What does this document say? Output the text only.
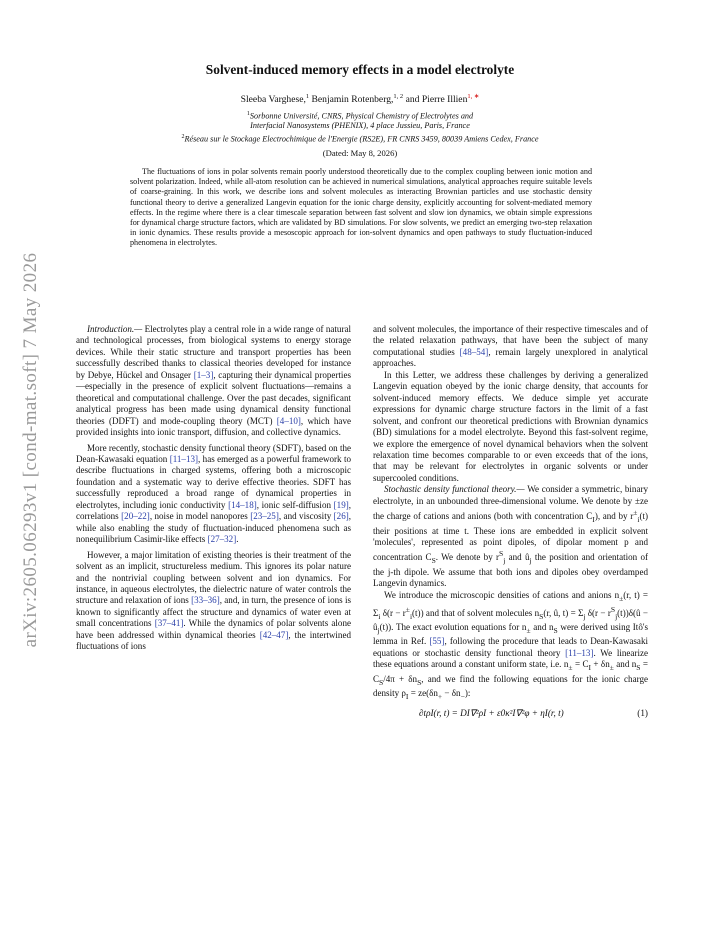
arXiv:2605.06293v1 [cond-mat.soft] 7 May 2026
Solvent-induced memory effects in a model electrolyte
Sleeba Varghese,$^1$ Benjamin Rotenberg,$^{1, 2}$ and Pierre Illien$^{1, ∗}$
$^1$Sorbonne Université, CNRS, Physical Chemistry of Electrolytes and
Interfacial Nanosystems (PHENIX), 4 place Jussieu, Paris, France
$^2$Réseau sur le Stockage Electrochimique de l'Energie (RS2E), FR CNRS 3459, 80039 Amiens Cedex, France
(Dated: May 8, 2026)
The fluctuations of ions in polar solvents remain poorly understood theoretically due to the complex coupling between ionic motion and solvent polarization. Indeed, while all-atom resolution can be achieved in numerical simulations, analytical approaches require suitable levels of coarse-graining. In this work, we describe ions and solvent molecules as interacting Brownian particles and use stochastic density functional theory to derive a generalized Langevin equation for the ionic charge density, explicitly accounting for solvent-mediated memory effects. In the regime where there is a clear timescale separation between fast solvent and slow ion dynamics, we obtain simple expressions for dynamical charge structure factors, which are validated by BD simulations. For slow solvents, we predict an emerging two-step relaxation in ionic dynamics. These results provide a mesoscopic approach for ion-solvent dynamics and open pathways to study fluctuation-induced phenomena in electrolytes.

Introduction.— Electrolytes play a central role in a wide range of natural and technological processes, from biological systems to energy storage devices. While their static structure and transport properties has been successfully described thanks to classical theories developed for instance by Debye, Hückel and Onsager [1–3], capturing their dynamical properties—especially in the presence of explicit solvent fluctuations—remains a theoretical and computational challenge. Over the past decades, significant analytical progress has been made using dynamical density functional theories (DDFT) and mode-coupling theory (MCT) [4–10], which have provided insights into ionic transport, diffusion, and collective dynamics.

More recently, stochastic density functional theory (SDFT), based on the Dean-Kawasaki equation [11–13], has emerged as a powerful framework to describe fluctuations in charged systems, offering both a microscopic foundation and a systematic way to derive effective theories. SDFT has successfully reproduced a broad range of dynamical properties in electrolytes, including ionic conductivity [14–18], ionic self-diffusion [19], correlations [20–22], noise in model nanopores [23–25], and viscosity [26], while also enabling the study of fluctuation-induced phenomena such as nonequilibrium Casimir-like effects [27–32].

However, a major limitation of existing theories is their treatment of the solvent as an implicit, structureless medium. This ignores its polar nature and the nontrivial coupling between solvent and ion dynamics. For instance, in aqueous electrolytes, the dielectric nature of water controls the structure and relaxation of ions [33–36], and, in turn, the presence of ions is known to significantly affect the structure and dynamics of water even at small concentrations [37–41]. While the dynamics of polar solvents alone have been addressed within dynamical theories [42–47], the intertwined fluctuations of ions

and solvent molecules, the importance of their respective timescales and of the related relaxation pathways, that have been the subject of many computational studies [48–54], remain largely unexplored in analytical approaches.

In this Letter, we address these challenges by deriving a generalized Langevin equation obeyed by the ionic charge density, that accounts for solvent-induced memory effects. We deduce simple yet accurate expressions for dynamic charge structure factors in the limit of a fast solvent, and confront our theoretical predictions with Brownian dynamics (BD) simulations for a model electrolyte. Beyond this fast-solvent regime, we explore the emergence of novel dynamical behaviors when the solvent relaxation time becomes comparable to or even exceeds that of the ions, that may be relevant for electrolytes in organic solvents or under supercooled conditions.

Stochastic density functional theory.— We consider a symmetric, binary electrolyte, in an unbounded three-dimensional volume. We denote by ±ze the charge of cations and anions (both with concentration $C_I$), and by $r^\pm_i(t)$ their positions at time t. These ions are embedded in explicit solvent 'molecules', represented as point dipoles, of dipolar moment p and concentration $C_S$. We denote by $r^S_j$ and $û_j$ the position and orientation of the j-th dipole. We assume that both ions and dipoles obey overdamped Langevin dynamics.

We introduce the microscopic densities of cations and anions $n_\pm(r$, $t) = \Sigma_i$ $\delta(r - r^\pm_i(t))$ and that of solvent molecules $n_S(r$, û, $t) = \Sigma_j$ $\delta(r - r^S_j(t))\delta(û$ − $û_j(t)$). The exact evolution equations for $n_\pm$ and $n_S$ were derived using Itô's lemma in Ref. [55], following the procedure that leads to Dean-Kawasaki equations or stochastic density functional theory [11–13]. We linearize these equations around a constant uniform state, i.e. $n_\pm = C_I + \delta n_\pm$ and $n_S = C_S/4\pi + \delta n_S$, and we find the following equations for the ionic charge density $\rho_I = ze(\delta n_+ - \delta n_-)$:

∂tρI(r, t) = DI∇²ρI + ε0κ²I∇²φ + ηI(r, t)	(1)
